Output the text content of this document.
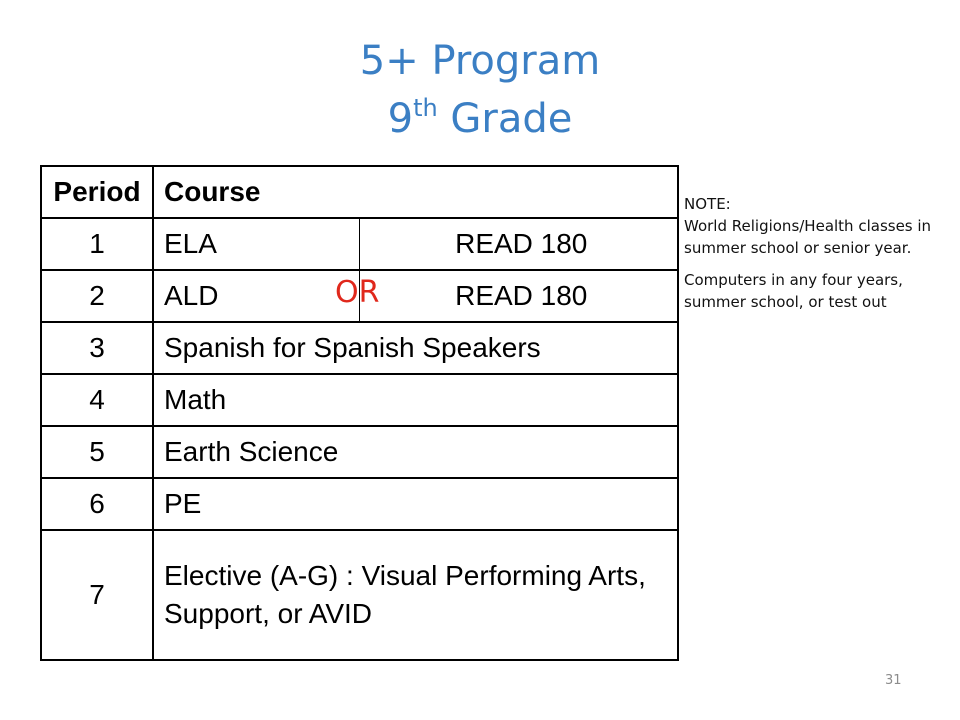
5+ Program
9th Grade
Period	Course	
1	ELA	READ 180
2	ALD	READ 180
3	Spanish for Spanish Speakers	
4	Math	
5	Earth Science	
6	PE	
7	Elective (A-G) : Visual Performing Arts, Support, or AVID	
OR

NOTE:
World Religions/Health classes in summer school or senior year.

Computers in any four years, summer school, or test out

31
